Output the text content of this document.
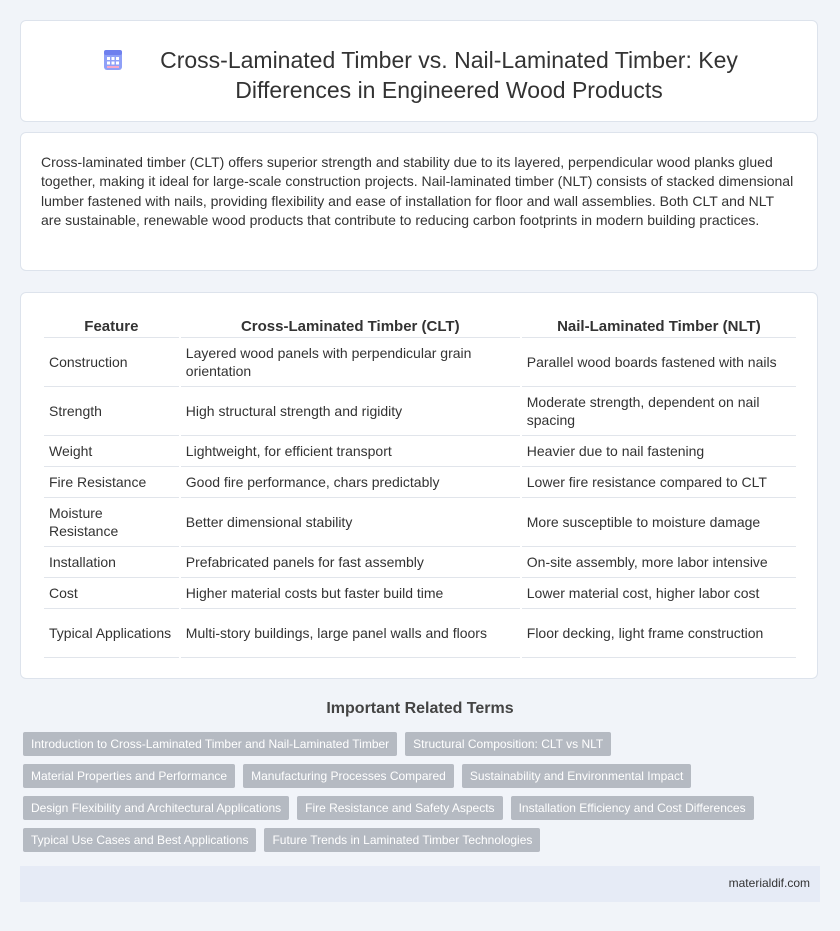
Cross-Laminated Timber vs. Nail-Laminated Timber: Key Differences in Engineered Wood Products

Cross-laminated timber (CLT) offers superior strength and stability due to its layered, perpendicular wood planks glued together, making it ideal for large-scale construction projects. Nail-laminated timber (NLT) consists of stacked dimensional lumber fastened with nails, providing flexibility and ease of installation for floor and wall assemblies. Both CLT and NLT are sustainable, renewable wood products that contribute to reducing carbon footprints in modern building practices.

Feature	Cross-Laminated Timber (CLT)	Nail-Laminated Timber (NLT)
Construction	Layered wood panels with perpendicular grain orientation	Parallel wood boards fastened with nails
Strength	High structural strength and rigidity	Moderate strength, dependent on nail spacing
Weight	Lightweight, for efficient transport	Heavier due to nail fastening
Fire Resistance	Good fire performance, chars predictably	Lower fire resistance compared to CLT
Moisture Resistance	Better dimensional stability	More susceptible to moisture damage
Installation	Prefabricated panels for fast assembly	On-site assembly, more labor intensive
Cost	Higher material costs but faster build time	Lower material cost, higher labor cost
Typical Applications	Multi-story buildings, large panel walls and floors	Floor decking, light frame construction
Important Related Terms
Introduction to Cross-Laminated Timber and Nail-Laminated Timber	Structural Composition: CLT vs NLT
Material Properties and Performance	Manufacturing Processes Compared	Sustainability and Environmental Impact
Design Flexibility and Architectural Applications	Fire Resistance and Safety Aspects	Installation Efficiency and Cost Differences
Typical Use Cases and Best Applications	Future Trends in Laminated Timber Technologies
materialdif.com
